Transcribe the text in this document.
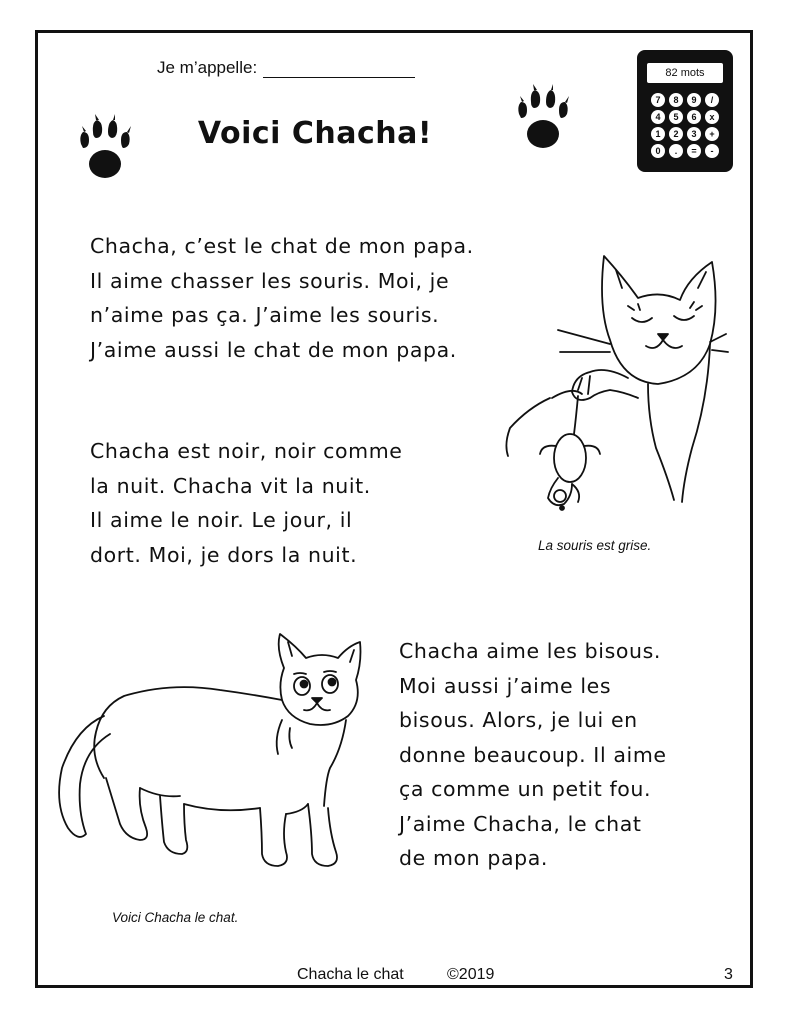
Je m’appelle:
Voici Chacha!
82 mots
7	8	9	/
4	5	6	x
1	2	3	+
0	.	=	-

Chacha, c’est le chat de mon papa.

Il aime chasser les souris. Moi, je

n’aime pas ça. J’aime les souris.

J’aime aussi le chat de mon papa.

Chacha est noir, noir comme

la nuit. Chacha vit la nuit.

Il aime le noir. Le jour, il

dort. Moi, je dors la nuit.	La souris est grise.

Chacha aime les bisous.

Moi aussi j’aime les

bisous. Alors, je lui en

donne beaucoup. Il aime

ça comme un petit fou.

J’aime Chacha, le chat

de mon papa.

Voici Chacha le chat.
Chacha le chat	©2019	3
